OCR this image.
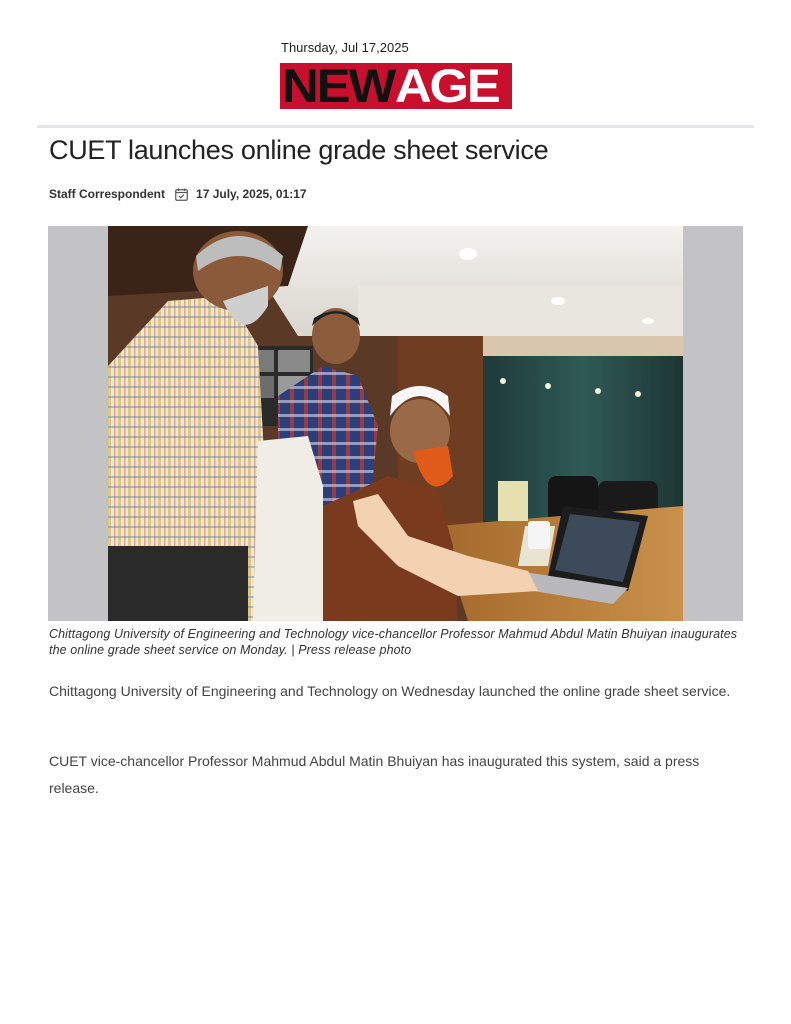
Thursday, Jul 17,2025
NEW AGE
CUET launches online grade sheet service
Staff Correspondent	17 July, 2025, 01:17
Chittagong University of Engineering and Technology vice-chancellor Professor Mahmud Abdul Matin Bhuiyan inaugurates the online grade sheet service on Monday. | Press release photo

Chittagong University of Engineering and Technology on Wednesday launched the online grade sheet service.

CUET vice-chancellor Professor Mahmud Abdul Matin Bhuiyan has inaugurated this system, said a press release.
